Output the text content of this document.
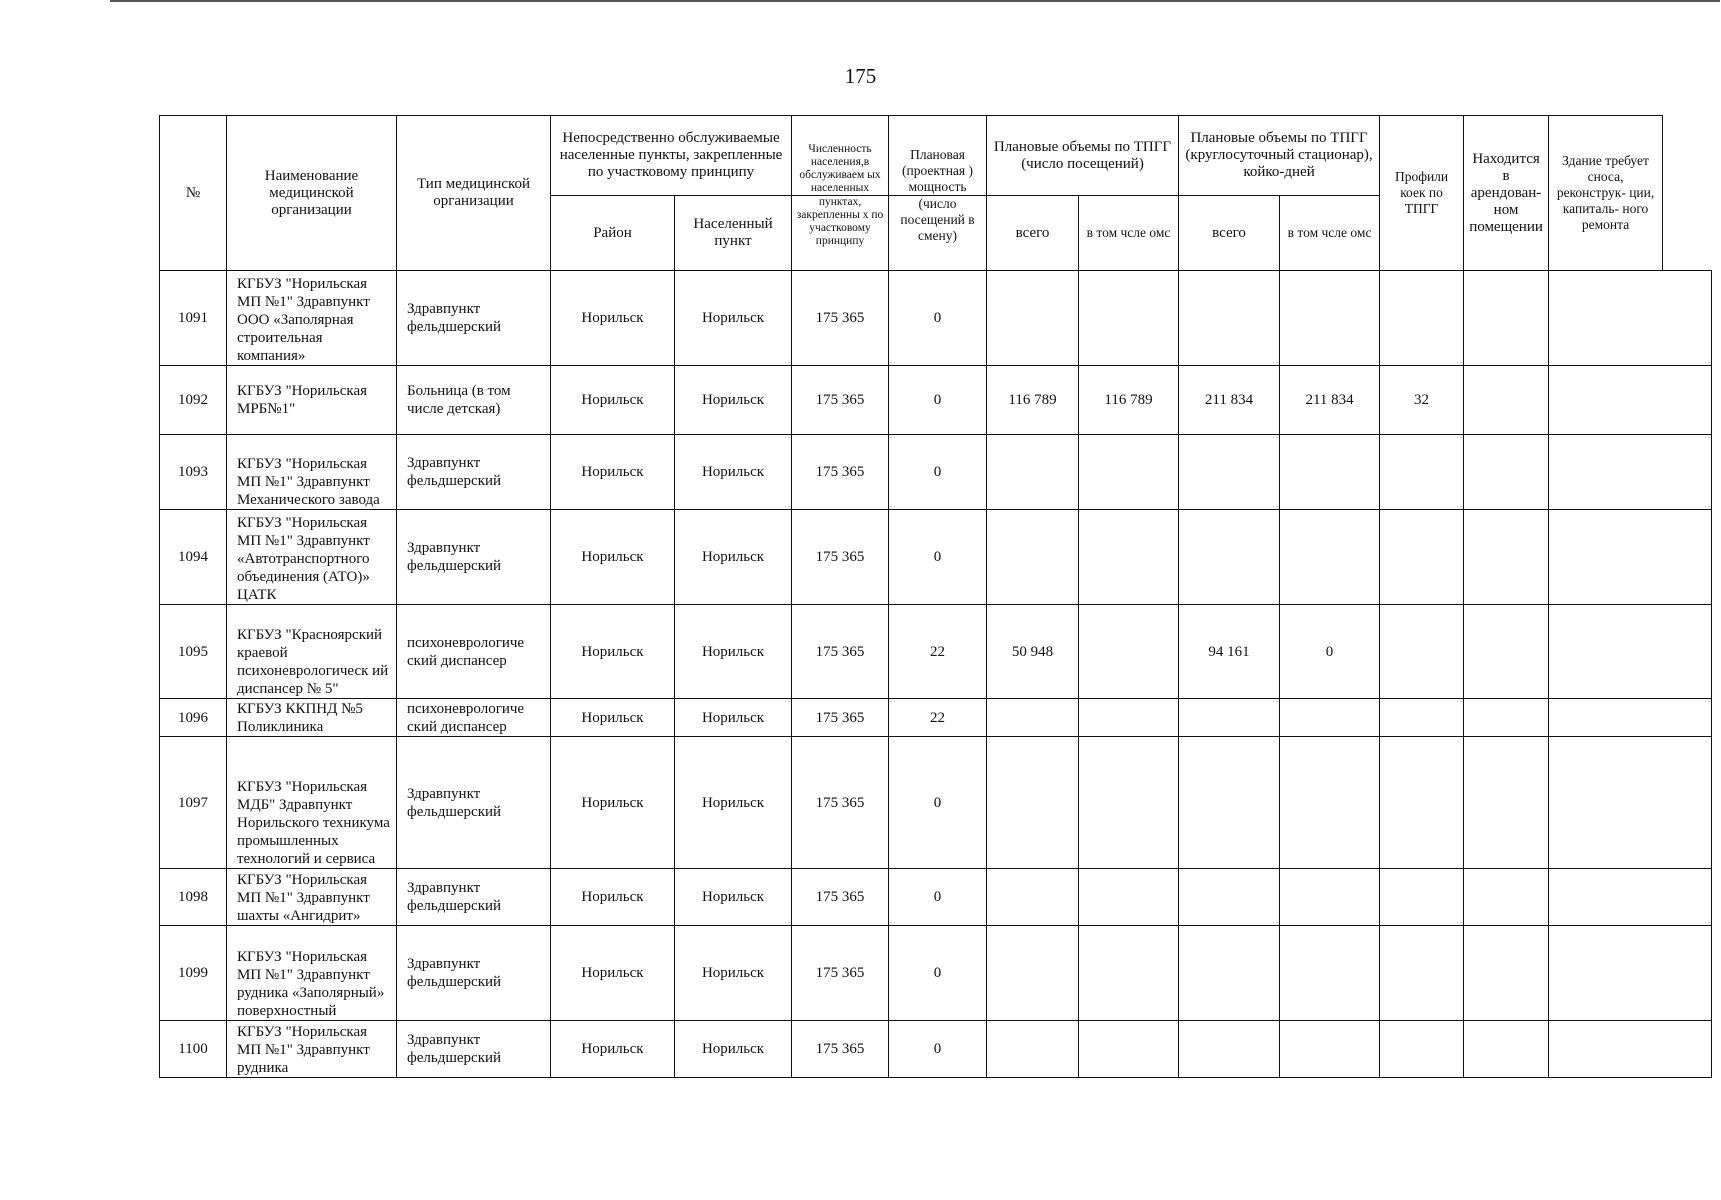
175
№	Наименование медицинской организации	Тип медицинской организации	Непосредственно обслуживаемые населенные пункты, закрепленные по участковому принципу		Численность населения,в обслуживаем ых населенных	Плановая (проектная ) мощность	Плановые объемы по ТПГГ (число посещений)		Плановые объемы по ТПГГ (круглосуточный стационар), койко-дней		Профили коек по ТПГГ	Находится в арендован- ном помещении	Здание требует сноса, реконструк- ции, капиталь- ного ремонта
			Район	Населенный пункт	пунктах, закрепленны х по участковому принципу	(число посещений в смену)	всего	в том чсле омс	всего	в том чсле омс			
1091	КГБУЗ "Норильская МП №1" Здравпункт ООО «Заполярная строительная компания»	Здравпункт фельдшерский	Норильск	Норильск	175 365	0							
1092	КГБУЗ "Норильская МРБ№1"	Больница (в том числе детская)	Норильск	Норильск	175 365	0	116 789	116 789	211 834	211 834	32		
1093	КГБУЗ "Норильская МП №1" Здравпункт Механического завода	Здравпункт фельдшерский	Норильск	Норильск	175 365	0							
1094	КГБУЗ "Норильская МП №1" Здравпункт «Автотранспортного объединения (АТО)» ЦАТК	Здравпункт фельдшерский	Норильск	Норильск	175 365	0							
1095	КГБУЗ "Красноярский краевой психоневрологическ ий диспансер № 5"	психоневрологиче ский диспансер	Норильск	Норильск	175 365	22	50 948		94 161	0			
1096	КГБУЗ ККПНД №5 Поликлиника	психоневрологиче ский диспансер	Норильск	Норильск	175 365	22							
1097	КГБУЗ "Норильская МДБ" Здравпункт Норильского техникума промышленных технологий и сервиса	Здравпункт фельдшерский	Норильск	Норильск	175 365	0							
1098	КГБУЗ "Норильская МП №1" Здравпункт шахты «Ангидрит»	Здравпункт фельдшерский	Норильск	Норильск	175 365	0							
1099	КГБУЗ "Норильская МП №1" Здравпункт рудника «Заполярный» поверхностный	Здравпункт фельдшерский	Норильск	Норильск	175 365	0							
1100	КГБУЗ "Норильская МП №1" Здравпункт рудника	Здравпункт фельдшерский	Норильск	Норильск	175 365	0							
